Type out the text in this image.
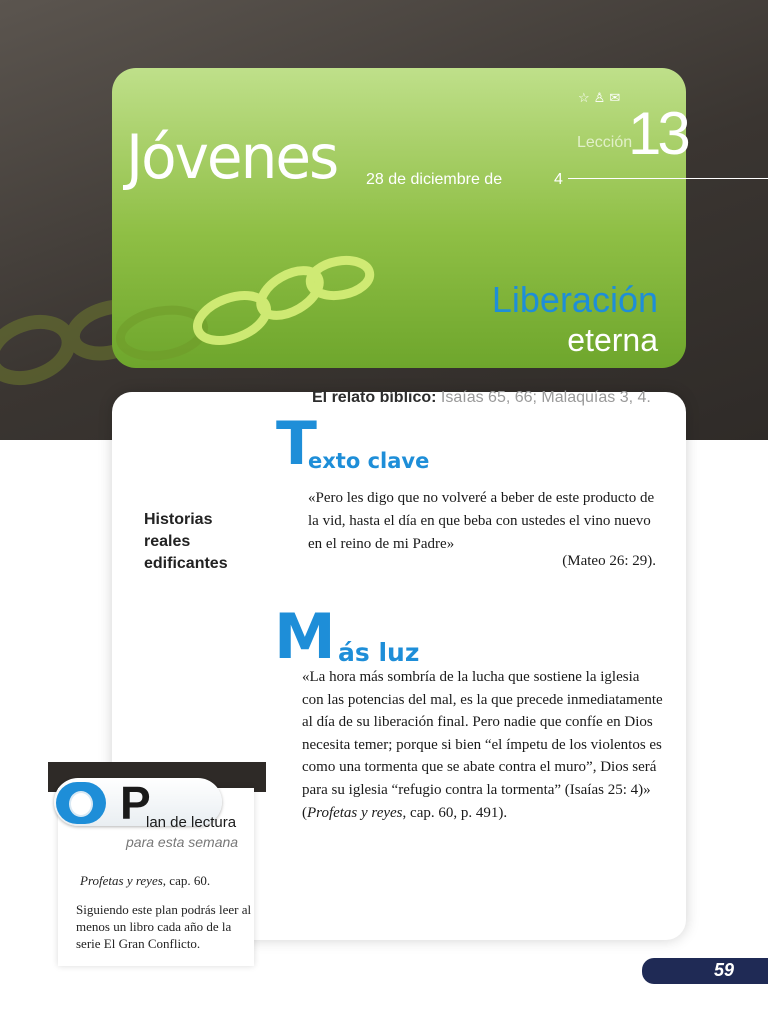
Jóvenes 28 de diciembre de	4
☆ ♙ ✉
Lección
13
Liberación
eterna
El relato bíblico: Isaías 65, 66; Malaquías 3, 4.
T
exto clave
«Pero les digo que no volveré a beber de este producto de la vid, hasta el día en que beba con ustedes el vino nuevo en el reino de mi Padre»
(Mateo 26: 29).
Historias reales edificantes
M ás luz
«La hora más sombría de la lucha que sostiene la iglesia con las potencias del mal, es la que precede inmediatamente al día de su liberación final. Pero nadie que confíe en Dios necesita temer; porque si bien “el ímpetu de los violentos es como una tormenta que se abate contra el muro”, Dios será para su iglesia “refugio contra la tormenta” (Isaías 25: 4)» (Profetas y reyes, cap. 60, p. 491).
P
lan de lectura
para esta semana
Profetas y reyes, cap. 60.
Siguiendo este plan podrás leer al menos un libro cada año de la serie El Gran Conflicto.
59
